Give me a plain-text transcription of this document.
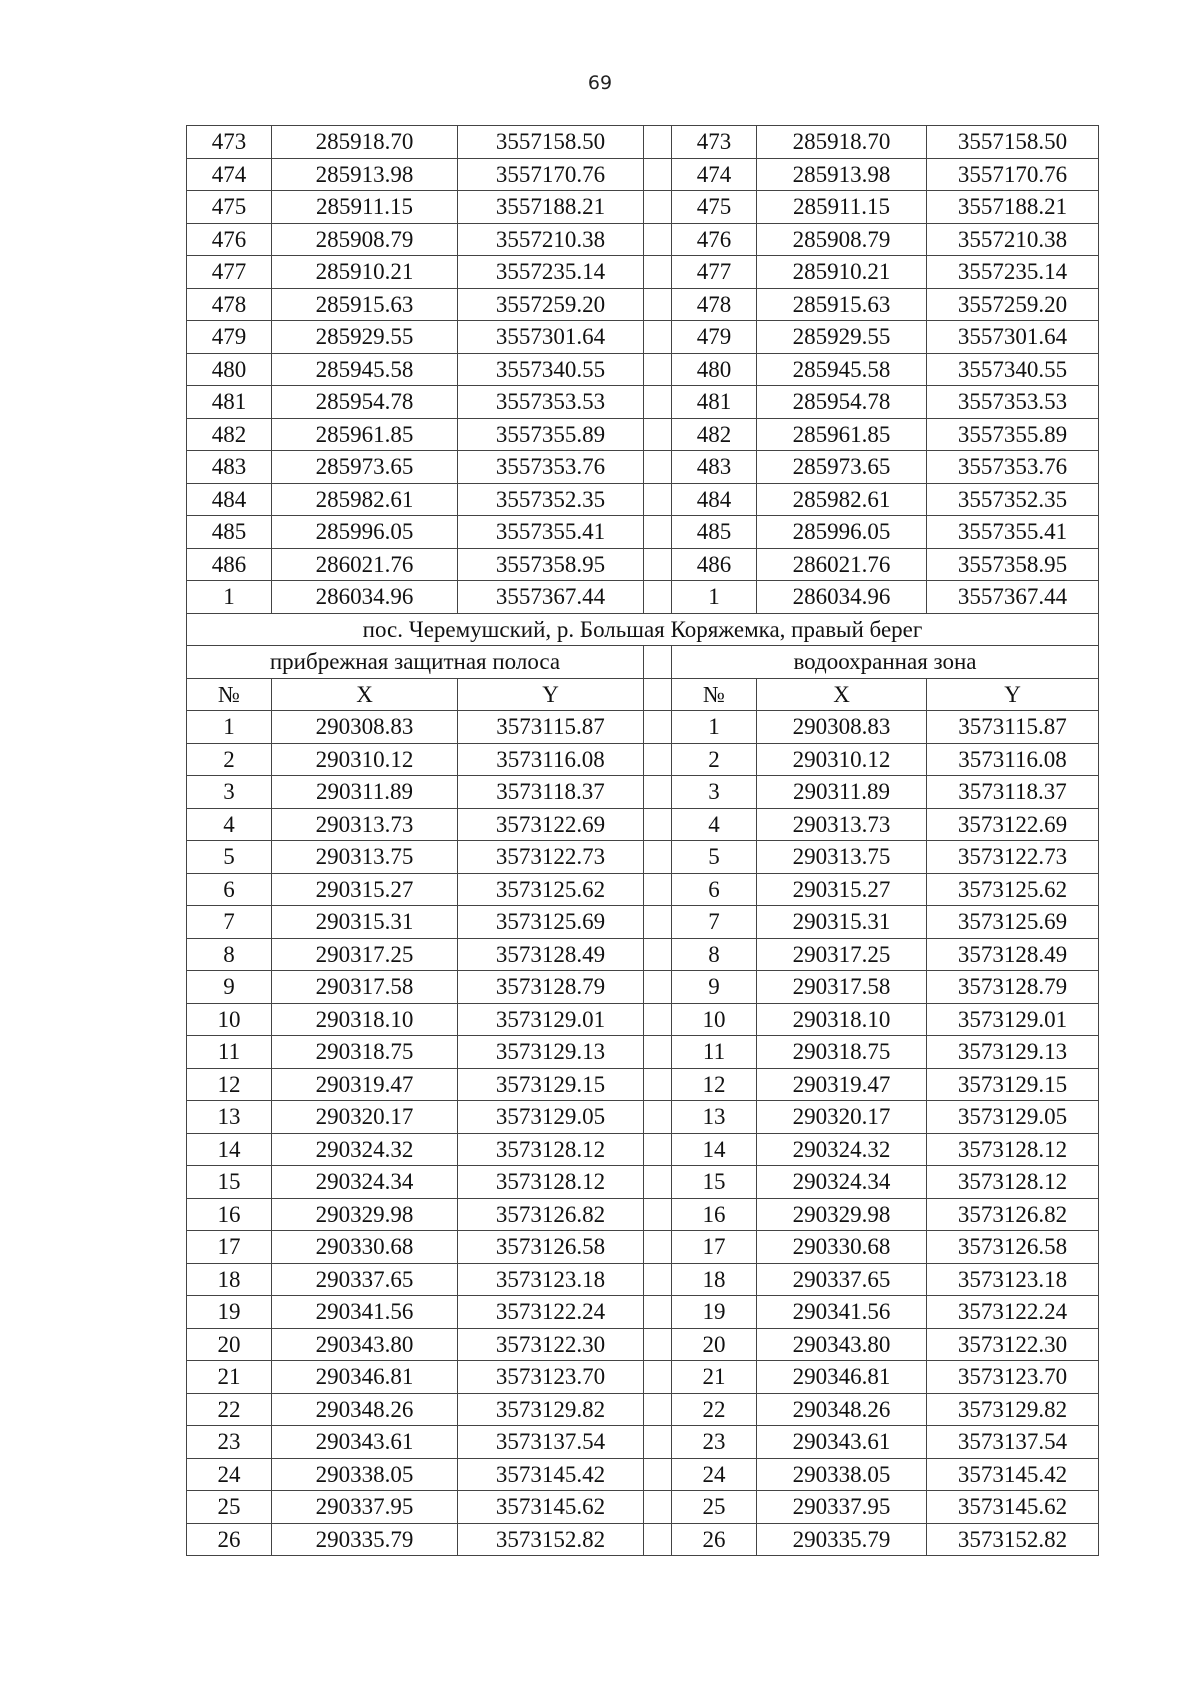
69
473	285918.70	3557158.50		473	285918.70	3557158.50
474	285913.98	3557170.76		474	285913.98	3557170.76
475	285911.15	3557188.21		475	285911.15	3557188.21
476	285908.79	3557210.38		476	285908.79	3557210.38
477	285910.21	3557235.14		477	285910.21	3557235.14
478	285915.63	3557259.20		478	285915.63	3557259.20
479	285929.55	3557301.64		479	285929.55	3557301.64
480	285945.58	3557340.55		480	285945.58	3557340.55
481	285954.78	3557353.53		481	285954.78	3557353.53
482	285961.85	3557355.89		482	285961.85	3557355.89
483	285973.65	3557353.76		483	285973.65	3557353.76
484	285982.61	3557352.35		484	285982.61	3557352.35
485	285996.05	3557355.41		485	285996.05	3557355.41
486	286021.76	3557358.95		486	286021.76	3557358.95
1	286034.96	3557367.44		1	286034.96	3557367.44
пос. Черемушский, р. Большая Коряжемка, правый берег						
прибрежная защитная полоса				водоохранная зона		
№	X	Y		№	X	Y
1	290308.83	3573115.87		1	290308.83	3573115.87
2	290310.12	3573116.08		2	290310.12	3573116.08
3	290311.89	3573118.37		3	290311.89	3573118.37
4	290313.73	3573122.69		4	290313.73	3573122.69
5	290313.75	3573122.73		5	290313.75	3573122.73
6	290315.27	3573125.62		6	290315.27	3573125.62
7	290315.31	3573125.69		7	290315.31	3573125.69
8	290317.25	3573128.49		8	290317.25	3573128.49
9	290317.58	3573128.79		9	290317.58	3573128.79
10	290318.10	3573129.01		10	290318.10	3573129.01
11	290318.75	3573129.13		11	290318.75	3573129.13
12	290319.47	3573129.15		12	290319.47	3573129.15
13	290320.17	3573129.05		13	290320.17	3573129.05
14	290324.32	3573128.12		14	290324.32	3573128.12
15	290324.34	3573128.12		15	290324.34	3573128.12
16	290329.98	3573126.82		16	290329.98	3573126.82
17	290330.68	3573126.58		17	290330.68	3573126.58
18	290337.65	3573123.18		18	290337.65	3573123.18
19	290341.56	3573122.24		19	290341.56	3573122.24
20	290343.80	3573122.30		20	290343.80	3573122.30
21	290346.81	3573123.70		21	290346.81	3573123.70
22	290348.26	3573129.82		22	290348.26	3573129.82
23	290343.61	3573137.54		23	290343.61	3573137.54
24	290338.05	3573145.42		24	290338.05	3573145.42
25	290337.95	3573145.62		25	290337.95	3573145.62
26	290335.79	3573152.82		26	290335.79	3573152.82
